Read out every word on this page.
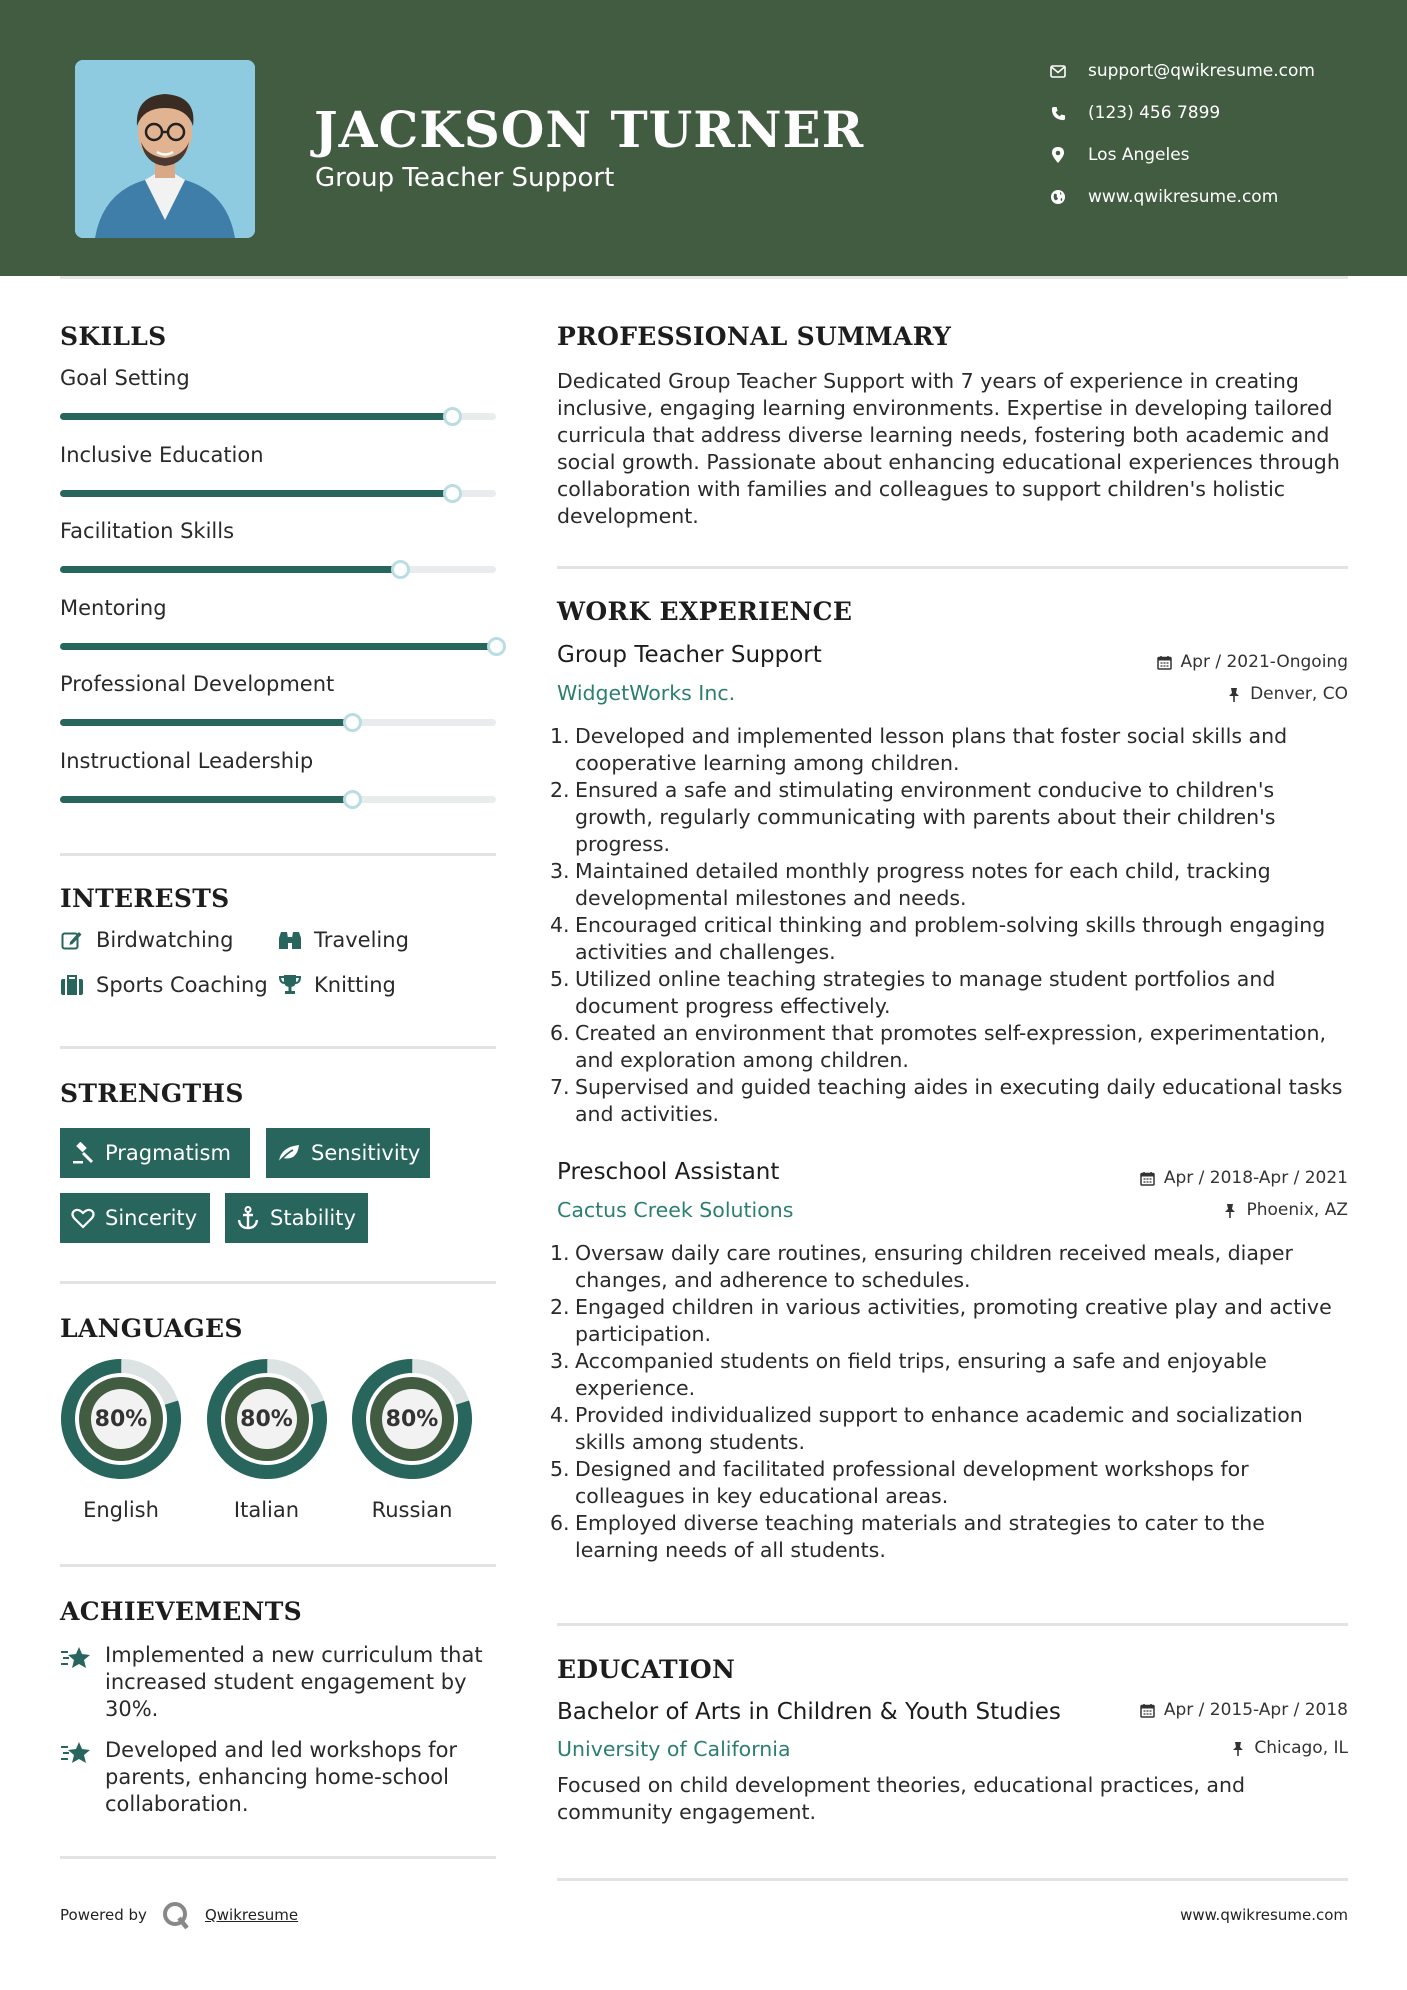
JACKSON TURNER
Group Teacher Support
support@qwikresume.com
(123) 456 7899
Los Angeles
www.qwikresume.com
SKILLS
Goal Setting
Inclusive Education
Facilitation Skills
Mentoring
Professional Development
Instructional Leadership
INTERESTS
Birdwatching	Traveling
Sports Coaching Knitting
STRENGTHS
Pragmatism	Sensitivity
Sincerity	Stability
LANGUAGES
80%
English
80%
Italian
80%
Russian
ACHIEVEMENTS
Implemented a new curriculum that increased student engagement by 30%.
Developed and led workshops for parents, enhancing home-school collaboration.
PROFESSIONAL SUMMARY
Dedicated Group Teacher Support with 7 years of experience in creating inclusive, engaging learning environments. Expertise in developing tailored curricula that address diverse learning needs, fostering both academic and social growth. Passionate about enhancing educational experiences through collaboration with families and colleagues to support children's holistic development.
WORK EXPERIENCE
Group Teacher Support	Apr / 2021-Ongoing
WidgetWorks Inc.	Denver, CO
1. Developed and implemented lesson plans that foster social skills and cooperative learning among children.
2. Ensured a safe and stimulating environment conducive to children's growth, regularly communicating with parents about their children's progress.
3. Maintained detailed monthly progress notes for each child, tracking developmental milestones and needs.
4. Encouraged critical thinking and problem-solving skills through engaging activities and challenges.
5. Utilized online teaching strategies to manage student portfolios and document progress effectively.
6. Created an environment that promotes self-expression, experimentation, and exploration among children.
7. Supervised and guided teaching aides in executing daily educational tasks and activities.
Preschool Assistant	Apr / 2018-Apr / 2021
Cactus Creek Solutions	Phoenix, AZ
1. Oversaw daily care routines, ensuring children received meals, diaper changes, and adherence to schedules.
2. Engaged children in various activities, promoting creative play and active participation.
3. Accompanied students on field trips, ensuring a safe and enjoyable experience.
4. Provided individualized support to enhance academic and socialization skills among students.
5. Designed and facilitated professional development workshops for colleagues in key educational areas.
6. Employed diverse teaching materials and strategies to cater to the learning needs of all students.
EDUCATION
Bachelor of Arts in Children & Youth Studies	Apr / 2015-Apr / 2018
University of California	Chicago, IL
Focused on child development theories, educational practices, and community engagement.
Powered by	Qwikresume	www.qwikresume.com
